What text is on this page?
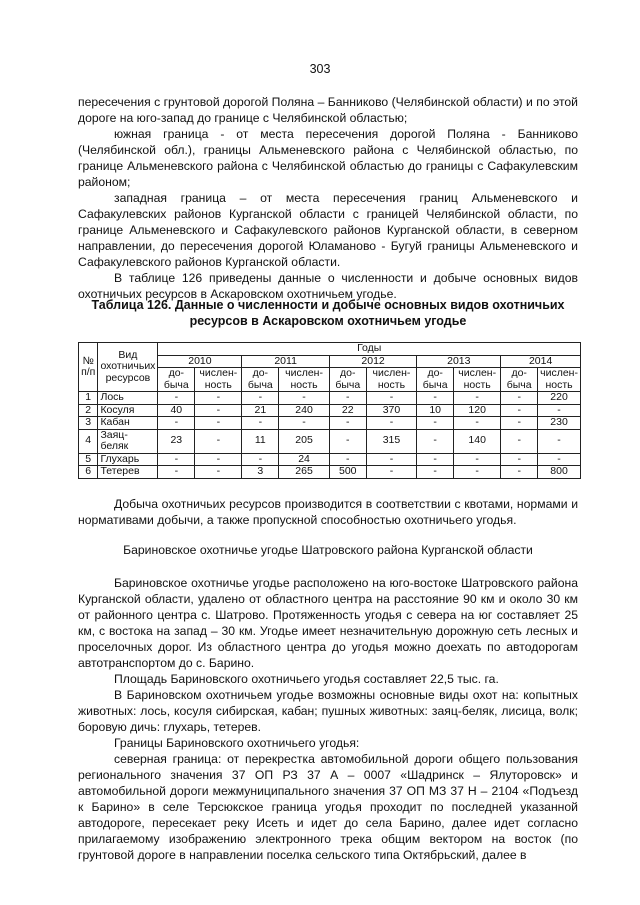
303

пересечения с грунтовой дорогой Поляна – Банниково (Челябинской области) и по этой дороге на юго-запад до границе с Челябинской областью;

южная граница - от места пересечения дорогой Поляна - Банниково (Челябинской обл.), границы Альменевского района с Челябинской областью, по границе Альменевского района с Челябинской областью до границы с Сафакулевским районом;

западная граница – от места пересечения границ Альменевского и Сафакулевских районов Курганской области с границей Челябинской области, по границе Альменевского и Сафакулевского районов Курганской области, в северном направлении, до пересечения дорогой Юламаново - Бугуй границы Альменевского и Сафакулевского районов Курганской области.

В таблице 126 приведены данные о численности и добыче основных видов охотничьих ресурсов в Аскаровском охотничьем угодье.

Таблица 126. Данные о численности и добыче основных видов охотничьих ресурсов в Аскаровском охотничьем угодье
№ п/п	Вид охотничьих ресурсов	Годы									
		2010		2011		2012		2013		2014	
		до-бычa	числен-ность	до-бычa	числен-ность	до-бычa	числен-ность	до-бычa	числен-ность	до-бычa	числен-ность
1	Лось	-	-	-	-	-	-	-	-	-	220
2	Косуля	40	-	21	240	22	370	10	120	-	-
3	Кабан	-	-	-	-	-	-	-	-	-	230
4	Заяц-беляк	23	-	11	205	-	315	-	140	-	-
5	Глухарь	-	-	-	24	-	-	-	-	-	-
6	Тетерев	-	-	3	265	500	-	-	-	-	800

Добыча охотничьих ресурсов производится в соответствии с квотами, нормами и нормативами добычи, а также пропускной способностью охотничьего угодья.

Бариновское охотничье угодье Шатровского района Курганской области

Бариновское охотничье угодье расположено на юго-востоке Шатровского района Курганской области, удалено от областного центра на расстояние 90 км и около 30 км от районного центра с. Шатрово. Протяженность угодья с севера на юг составляет 25 км, с востока на запад – 30 км. Угодье имеет незначительную дорожную сеть лесных и проселочных дорог. Из областного центра до угодья можно доехать по автодорогам автотранспортом до с. Барино.

Площадь Бариновского охотничьего угодья составляет 22,5 тыс. га.

В Бариновском охотничьем угодье возможны основные виды охот на: копытных животных: лось, косуля сибирская, кабан; пушных животных: заяц-беляк, лисица, волк; боровую дичь: глухарь, тетерев.

Границы Бариновского охотничьего угодья:

северная граница: от перекрестка автомобильной дороги общего пользования регионального значения 37 ОП РЗ 37 А – 0007 «Шадринск – Ялуторовск» и автомобильной дороги межмуниципального значения 37 ОП МЗ 37 Н – 2104 «Подъезд к Барино» в селе Терсюкское граница угодья проходит по последней указанной автодороге, пересекает реку Исеть и идет до села Барино, далее идет согласно прилагаемому изображению электронного трека общим вектором на восток (по грунтовой дороге в направлении поселка сельского типа Октябрьский, далее в
